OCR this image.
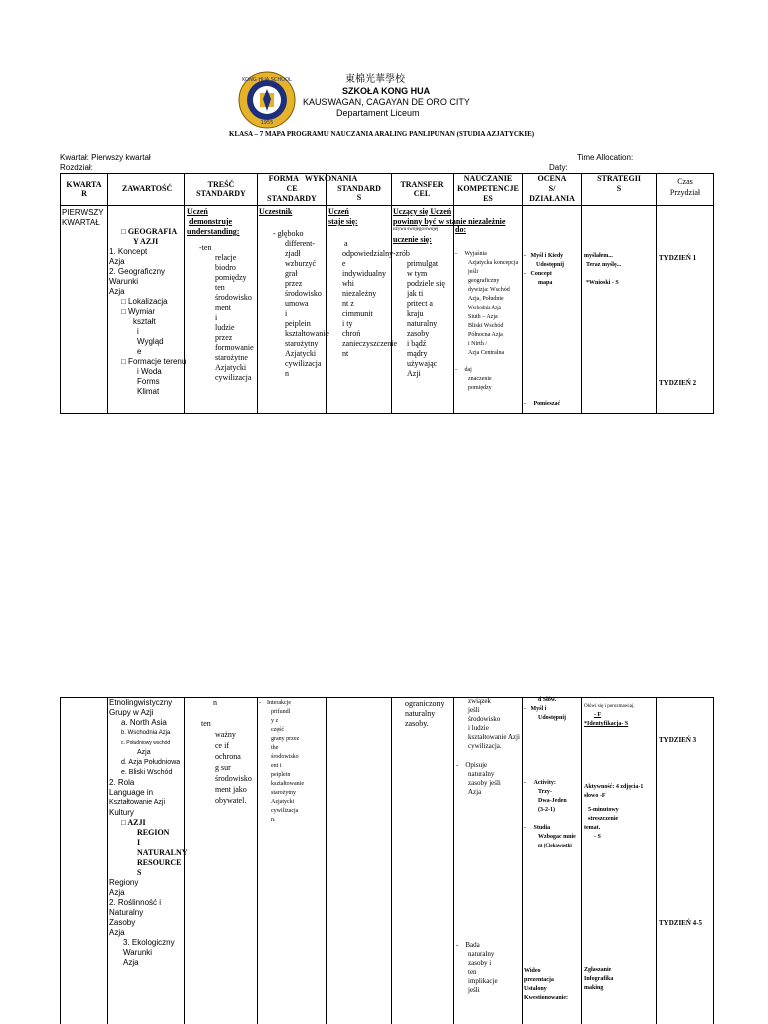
KONG HUA SCHOOL
1955
東棉光華學校
SZKOŁA KONG HUA
KAUSWAGAN, CAGAYAN DE ORO CITY
Departament Liceum
KLASA – 7 MAPA PROGRAMU NAUCZANIA ARALING PANLIPUNAN (STUDIA AZJATYCKIE)
Kwartał: Pierwszy kwartał
Rozdział:
Time Allocation:
Daty:
KWARTA
R
ZAWARTOŚĆ	TREŚĆ
STANDARDY
FORMA WYKONANIA
CE
STANDARDY
STANDARD
S
TRANSFER
CEL
NAUCZANIE
KOMPETENCJE
ES
OCENA
S/
DZIAŁANIA
STRATEGII
S
Czas
Przydział
PIERWSZY
KWARTAŁ
□ GEOGRAFIA
Y AZJI
1. Koncept
Azja
2. Geograficzny
Warunki
Azja
□ Lokalizacja
□ Wymiar
kształt
i
Wygląd
e
□ Formacje terenu
i Woda
Forms
Klimat
Uczeń
demonstruje
understanding:
-ten
relacje
biodro
pomiędzy
ten
środowisko
ment
i
ludzie
przez
formowanie
starożytne
Azjatycki
cywilizacja
Uczestnik
- głęboko
different-
zjadł
wzburzyć
grał
przez
środowisko
umowa
i
peiplein
kształtowanie
starożytny
Azjatycki
cywilizacja
n
Uczeń
staje się:
a
odpowiedzialny
e
indywidualny
whi
niezależny
nt z
cimmunit
i ty
chroń
zanieczyszczenie
nt
Uczący się Uczeń
powinny być w stanie niezależnie
używa swojego/swojej	do:
uczenie się:
-zrób
primulgat
w tym
podziele się
jak ti
pritect a
kraju
naturalny
zasoby
i bądź
mądry
używając
Azji
-     Wyjaśnia
Azjatycka koncepcja
jeśli
geograficzny
dywizja: Wschód
Azja, Południe
Wschodnia Azja
Siuth – Azja
Bliski Wschód
Północna Azja
i Nirth /
Azja Centralna
-     daj
znaczenie
pomiędzy
-   Myśl i Kiedy
Udostępnij
-   Concept
mapa
-     Pomieszać
myślałem...
Teraz myślę...
*Wnioski - S
TYDZIEŃ 1
TYDZIEŃ 2
Etnolingwistyczny
Grupy w Azji
a. North Asia
b. Wschodnia Azja
c. Południowy wschód
Azja
d. Azja Południowa
e. Bliski Wschód
2. Rola
Language in
Kształtowanie Azji
Kultury
□ AZJI
REGION
I
NATURALNY
RESOURCE
S
Regiony
Azja
2. Roślinność i
Naturalny
Zasoby
Azja
3. Ekologiczny
Warunki
Azja
n
ten
ważny
ce if
ochrona
g sur
środowisko
ment jako
obywatel.
-    Interakcje
prifundl
y z
część
grany przez
the
środowisko
ent i
peiplein
kształtowanie
starożytny
Azjatycki
cywilizacja
n.
ograniczony
naturalny
zasoby.
związek
jeśli
środowisko
i ludzie
kształtowanie Azji
cywilizacja.
-    Opisuje
naturalny
zasoby jeśli
Azja
-    Bada
naturalny
zasoby i
ten
implikacje
jeśli
d Słów.
-   Myśl i
Udostępnij
-     Activity:
Trzy-
Dwa-Jeden
(3-2-1)
-     Studia
Wzbogac mnie
nt (Ciekawostki
Wideo
prezentacja
Ustalony
Kwestionowanie:
Ołówi się i porozmawiaj.
- F
*Identyfikacja- S
Aktywność: 4 zdjęcia-1
słowo -F
5-minutowy
streszczenie
temat.
- S
Zgłaszanie
Infografika
making
TYDZIEŃ 3
TYDZIEŃ 4-5
